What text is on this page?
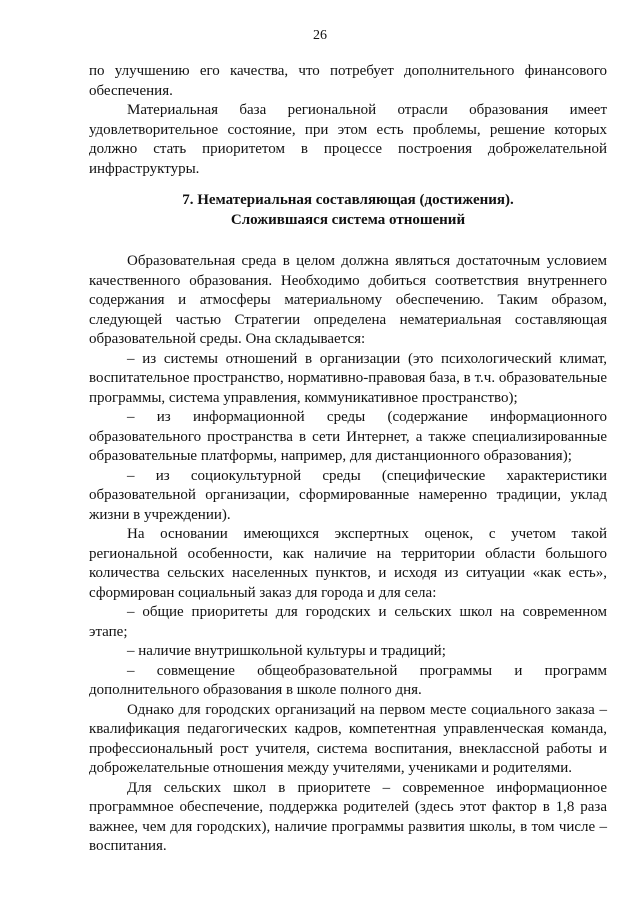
26

по улучшению его качества, что потребует дополнительного финансового обеспечения.

Материальная база региональной отрасли образования имеет удовлетворительное состояние, при этом есть проблемы, решение которых должно стать приоритетом в процессе построения доброжелательной инфраструктуры.

7. Нематериальная составляющая (достижения).
Сложившаяся система отношений

Образовательная среда в целом должна являться достаточным условием качественного образования. Необходимо добиться соответствия внутреннего содержания и атмосферы материальному обеспечению. Таким образом, следующей частью Стратегии определена нематериальная составляющая образовательной среды. Она складывается:

– из системы отношений в организации (это психологический климат, воспитательное пространство, нормативно-правовая база, в т.ч. образовательные программы, система управления, коммуникативное пространство);

– из информационной среды (содержание информационного образовательного пространства в сети Интернет, а также специализированные образовательные платформы, например, для дистанционного образования);

– из социокультурной среды (специфические характеристики образовательной организации, сформированные намеренно традиции, уклад жизни в учреждении).

На основании имеющихся экспертных оценок, с учетом такой региональной особенности, как наличие на территории области большого количества сельских населенных пунктов, и исходя из ситуации «как есть», сформирован социальный заказ для города и для села:

– общие приоритеты для городских и сельских школ на современном этапе;

– наличие внутришкольной культуры и традиций;

– совмещение общеобразовательной программы и программ дополнительного образования в школе полного дня.

Однако для городских организаций на первом месте социального заказа – квалификация педагогических кадров, компетентная управленческая команда, профессиональный рост учителя, система воспитания, внеклассной работы и доброжелательные отношения между учителями, учениками и родителями.

Для сельских школ в приоритете – современное информационное программное обеспечение, поддержка родителей (здесь этот фактор в 1,8 раза важнее, чем для городских), наличие программы развития школы, в том числе – воспитания.
